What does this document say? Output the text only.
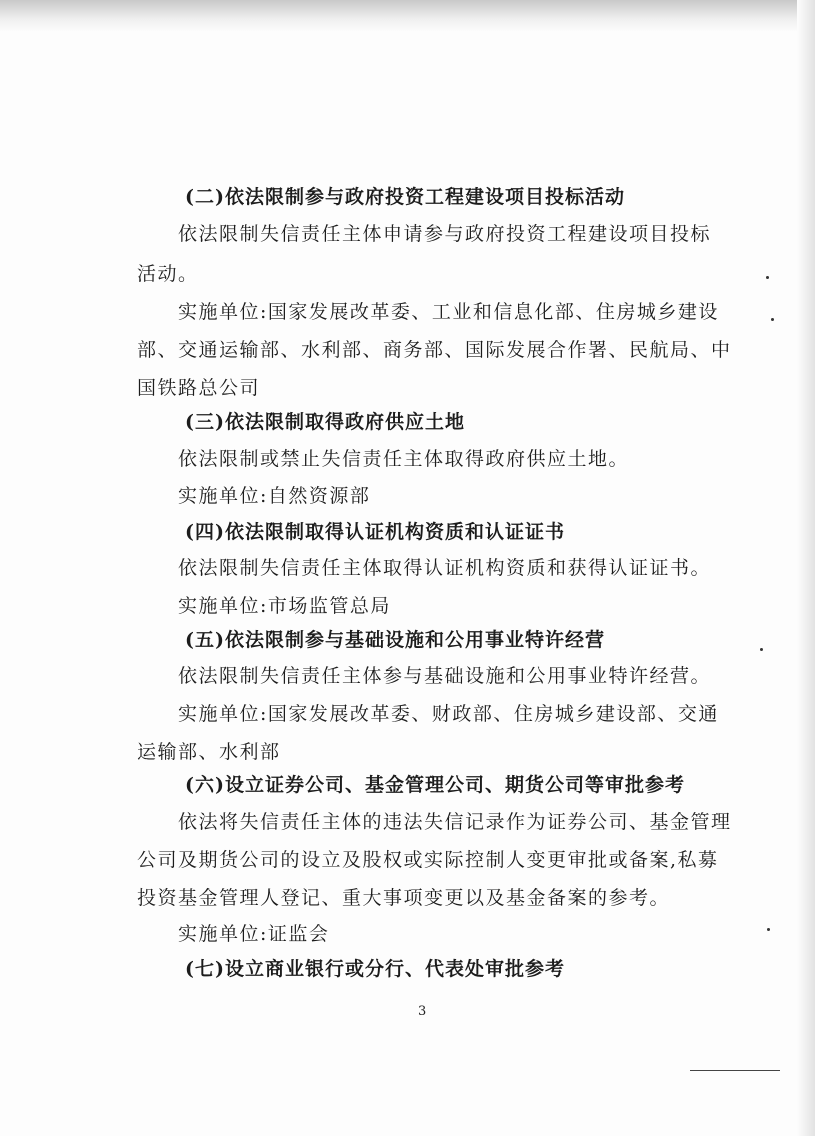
(二)依法限制参与政府投资工程建设项目投标活动
依法限制失信责任主体申请参与政府投资工程建设项目投标
活动。
实施单位:国家发展改革委、工业和信息化部、住房城乡建设
部、交通运输部、水利部、商务部、国际发展合作署、民航局、中
国铁路总公司
(三)依法限制取得政府供应土地
依法限制或禁止失信责任主体取得政府供应土地。
实施单位:自然资源部
(四)依法限制取得认证机构资质和认证证书
依法限制失信责任主体取得认证机构资质和获得认证证书。
实施单位:市场监管总局
(五)依法限制参与基础设施和公用事业特许经营
依法限制失信责任主体参与基础设施和公用事业特许经营。
实施单位:国家发展改革委、财政部、住房城乡建设部、交通
运输部、水利部
(六)设立证券公司、基金管理公司、期货公司等审批参考
依法将失信责任主体的违法失信记录作为证券公司、基金管理
公司及期货公司的设立及股权或实际控制人变更审批或备案,私募
投资基金管理人登记、重大事项变更以及基金备案的参考。
实施单位:证监会
(七)设立商业银行或分行、代表处审批参考
3
